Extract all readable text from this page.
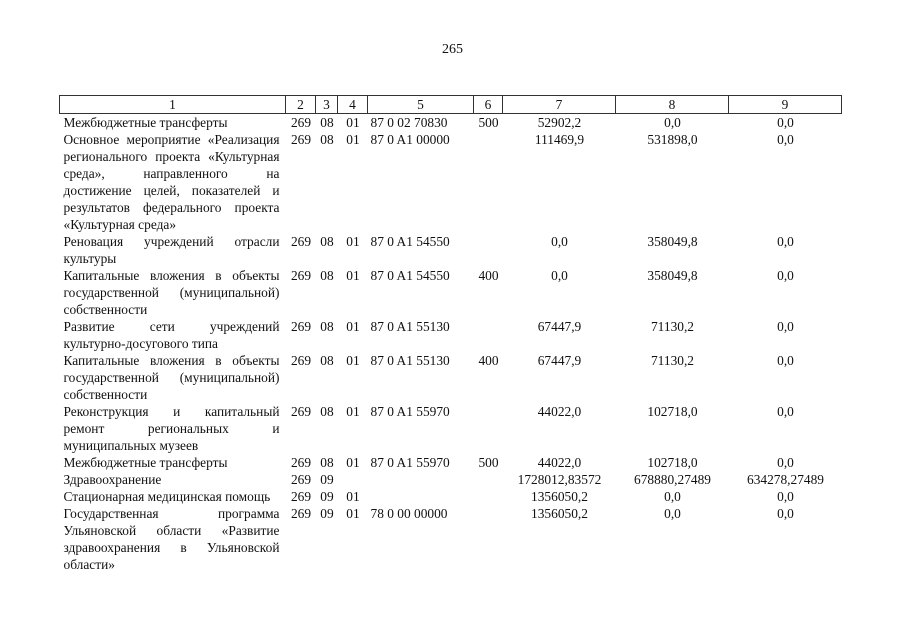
265
1	2	3	4	5	6	7	8	9
Межбюджетные трансферты	269	08	01	87 0 02 70830	500	52902,2	0,0	0,0
Основное мероприятие «Реализация регионального проекта «Культурная среда», направленного на достижение целей, показателей и результатов федерального проекта «Культурная среда»	269	08	01	87 0 A1 00000		111469,9	531898,0	0,0
Реновация учреждений отрасли культуры	269	08	01	87 0 A1 54550		0,0	358049,8	0,0
Капитальные вложения в объекты государственной (муниципальной) собственности	269	08	01	87 0 A1 54550	400	0,0	358049,8	0,0
Развитие сети учреждений культурно-досугового типа	269	08	01	87 0 A1 55130		67447,9	71130,2	0,0
Капитальные вложения в объекты государственной (муниципальной) собственности	269	08	01	87 0 A1 55130	400	67447,9	71130,2	0,0
Реконструкция и капитальный ремонт региональных и муниципальных музеев	269	08	01	87 0 A1 55970		44022,0	102718,0	0,0
Межбюджетные трансферты	269	08	01	87 0 A1 55970	500	44022,0	102718,0	0,0
Здравоохранение	269	09				1728012,83572	678880,27489	634278,27489
Стационарная медицинская помощь	269	09	01			1356050,2	0,0	0,0
Государственная программа Ульяновской области «Развитие здравоохранения в Ульяновской области»	269	09	01	78 0 00 00000		1356050,2	0,0	0,0
